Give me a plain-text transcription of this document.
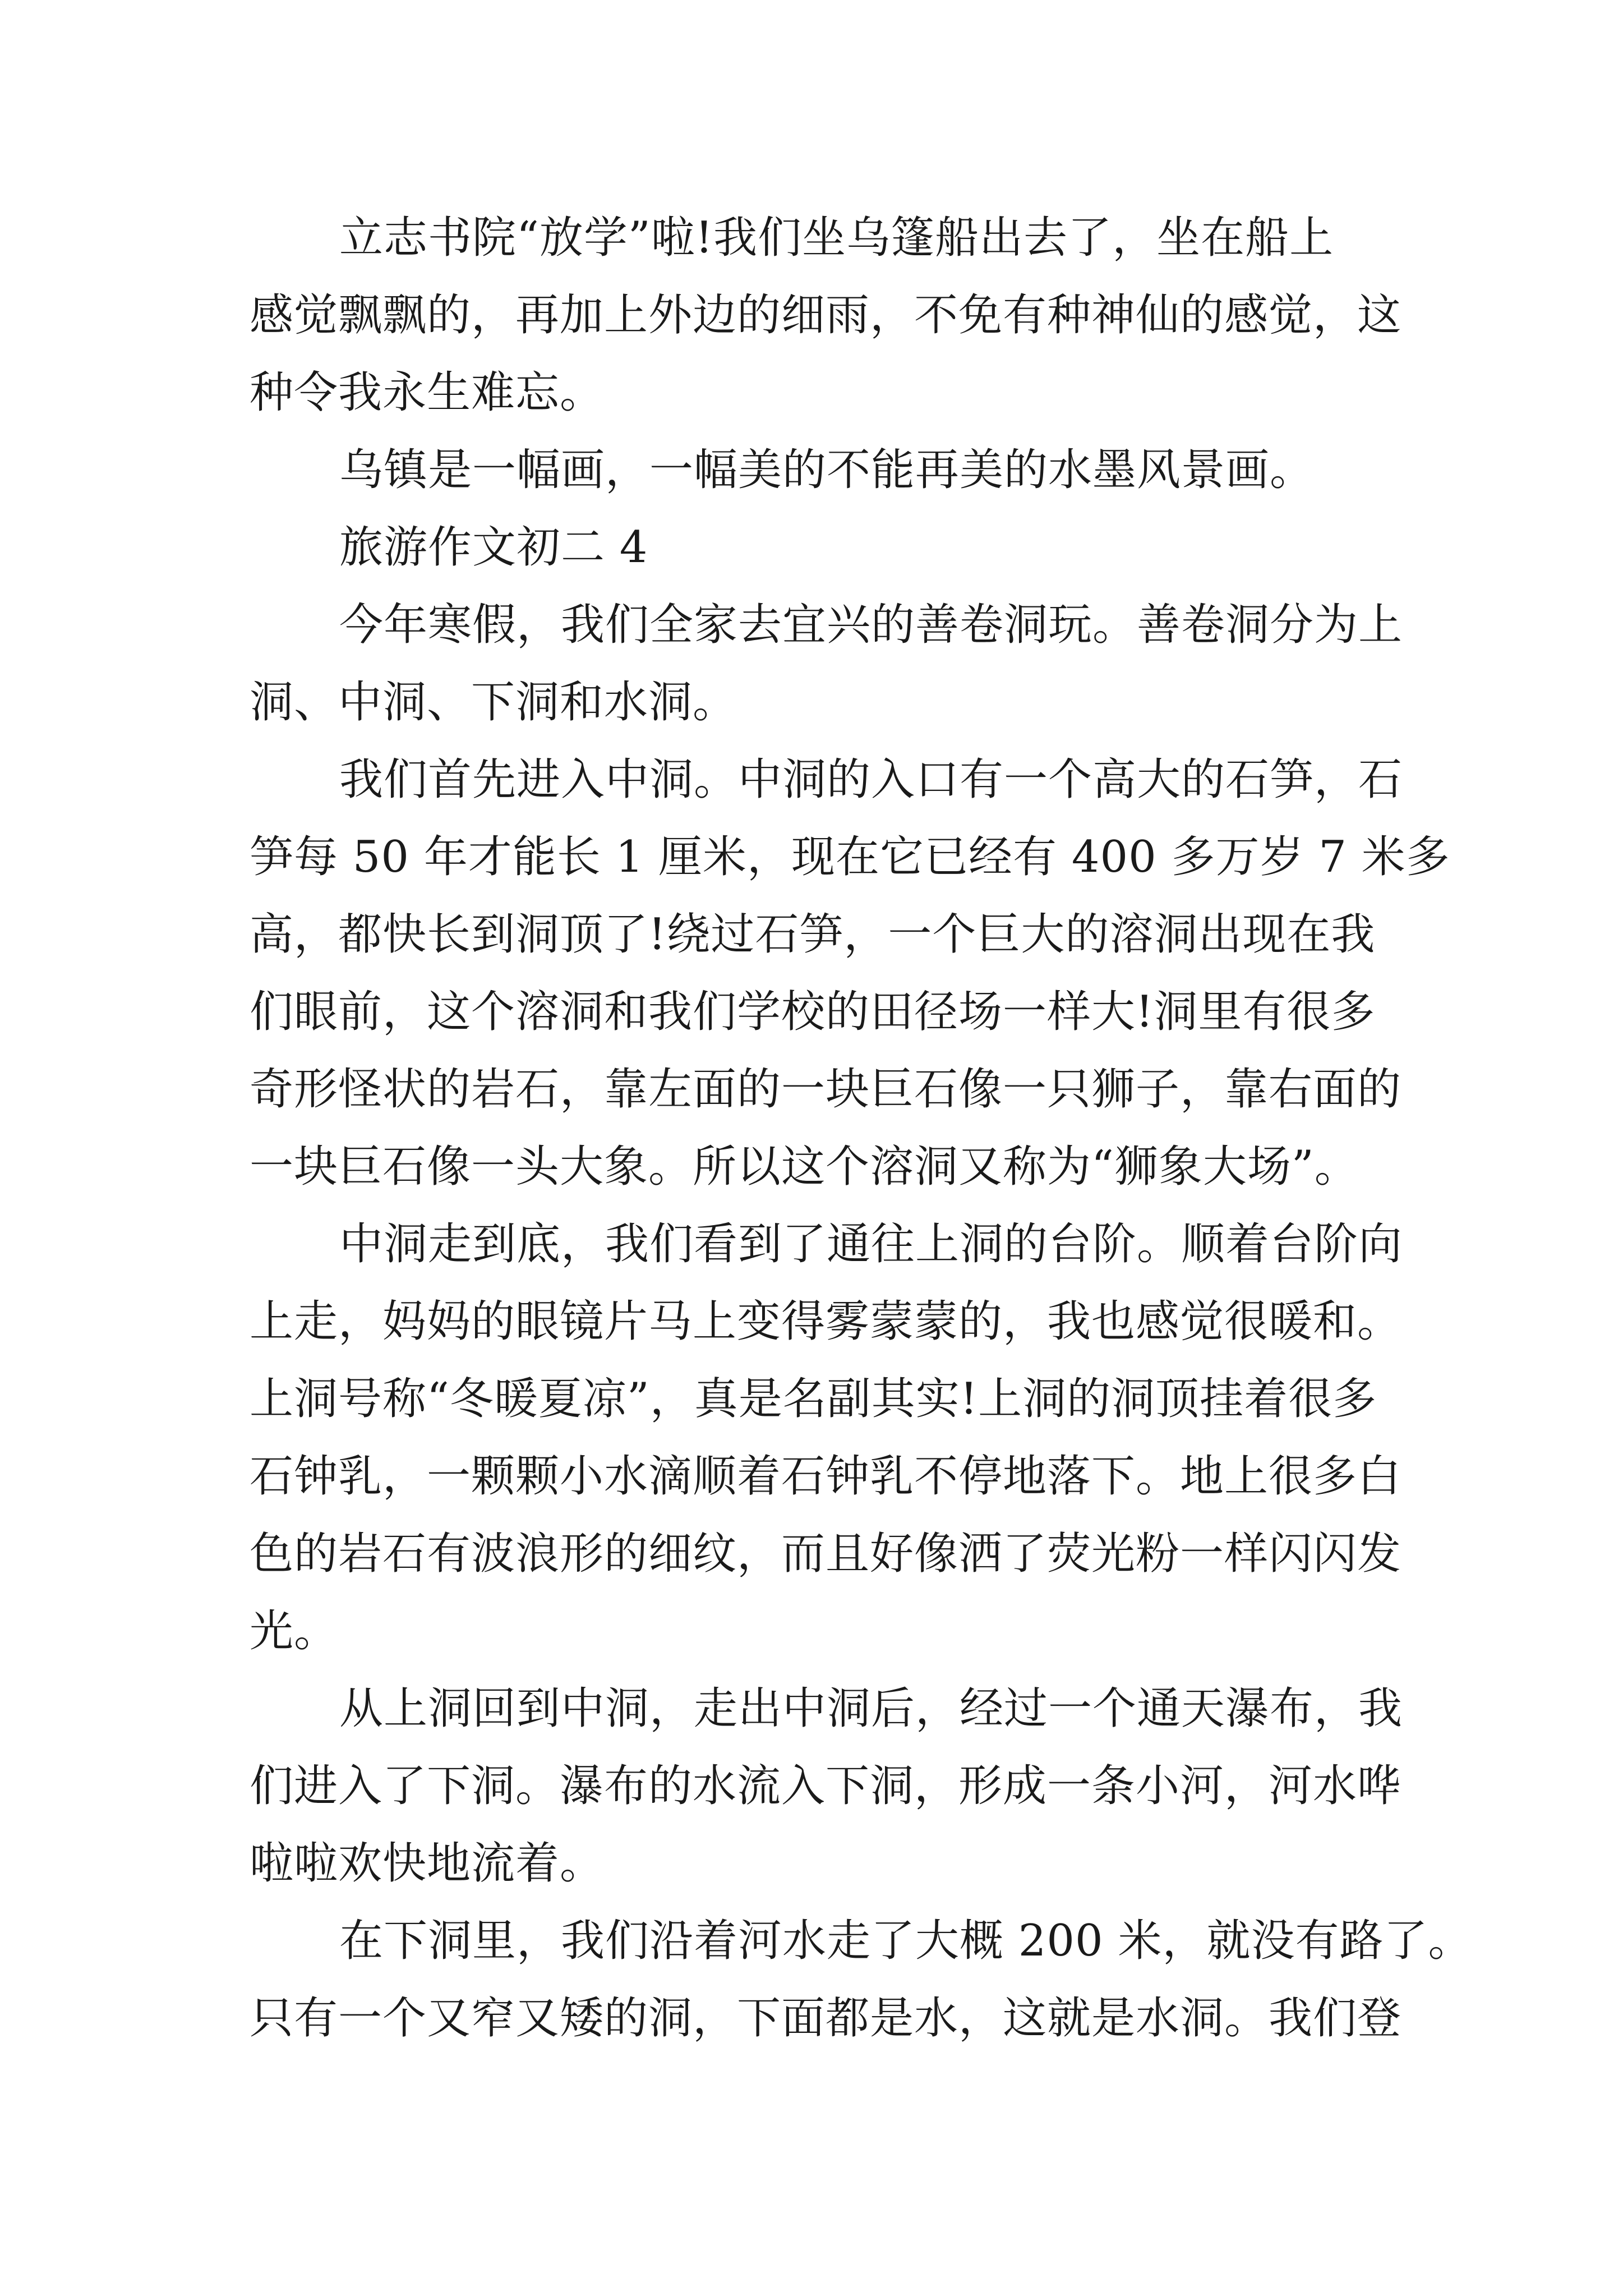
立志书院“放学”啦!我们坐乌篷船出去了，坐在船上
感觉飘飘的，再加上外边的细雨，不免有种神仙的感觉，这
种令我永生难忘。
乌镇是一幅画，一幅美的不能再美的水墨风景画。
旅游作文初二 4
今年寒假，我们全家去宜兴的善卷洞玩。善卷洞分为上
洞、中洞、下洞和水洞。
我们首先进入中洞。中洞的入口有一个高大的石笋，石
笋每 50 年才能长 1 厘米，现在它已经有 400 多万岁 7 米多
高，都快长到洞顶了!绕过石笋，一个巨大的溶洞出现在我
们眼前，这个溶洞和我们学校的田径场一样大!洞里有很多
奇形怪状的岩石，靠左面的一块巨石像一只狮子，靠右面的
一块巨石像一头大象。所以这个溶洞又称为“狮象大场”。
中洞走到底，我们看到了通往上洞的台阶。顺着台阶向
上走，妈妈的眼镜片马上变得雾蒙蒙的，我也感觉很暖和。
上洞号称“冬暖夏凉”，真是名副其实!上洞的洞顶挂着很多
石钟乳，一颗颗小水滴顺着石钟乳不停地落下。地上很多白
色的岩石有波浪形的细纹，而且好像洒了荧光粉一样闪闪发
光。
从上洞回到中洞，走出中洞后，经过一个通天瀑布，我
们进入了下洞。瀑布的水流入下洞，形成一条小河，河水哗
啦啦欢快地流着。
在下洞里，我们沿着河水走了大概 200 米，就没有路了。
只有一个又窄又矮的洞，下面都是水，这就是水洞。我们登
